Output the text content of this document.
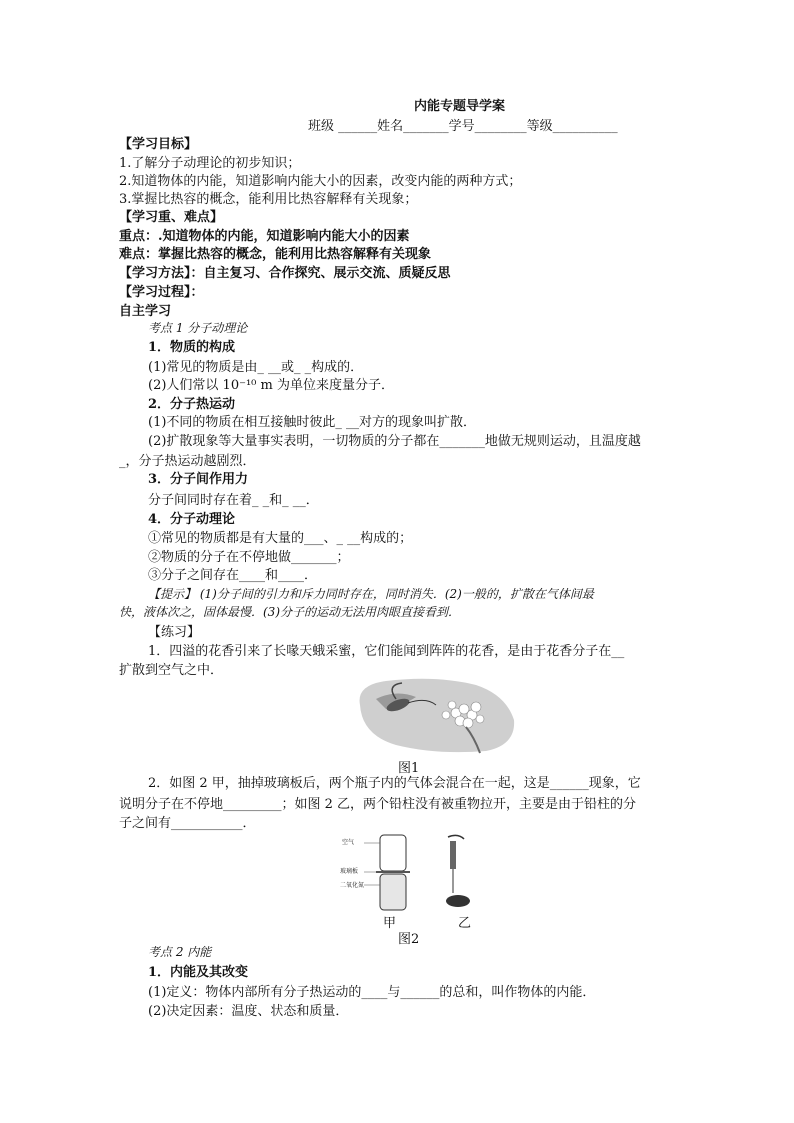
内能专题导学案
班级 ______姓名_______学号________等级__________
【学习目标】
1.了解分子动理论的初步知识；
2.知道物体的内能，知道影响内能大小的因素，改变内能的两种方式；
3.掌握比热容的概念，能利用比热容解释有关现象；
【学习重、难点】
重点：.知道物体的内能，知道影响内能大小的因素
难点：掌握比热容的概念，能利用比热容解释有关现象
【学习方法】：自主复习、合作探究、展示交流、质疑反思
【学习过程】：
自主学习
考点 1 分子动理论
1．物质的构成
(1)常见的物质是由_ __或_ _构成的．
(2)人们常以 10⁻¹⁰ m 为单位来度量分子．
2．分子热运动
(1)不同的物质在相互接触时彼此_ __对方的现象叫扩散．
(2)扩散现象等大量事实表明，一切物质的分子都在_______地做无规则运动，且温度越
_，分子热运动越剧烈．
3．分子间作用力
分子间同时存在着_ _和_ __．
4．分子动理论
①常见的物质都是有大量的___、_ __构成的；
②物质的分子在不停地做_______；
③分子之间存在____和____．
【提示】 (1)分子间的引力和斥力同时存在，同时消失．(2)一般的，扩散在气体间最
快，液体次之，固体最慢．(3)分子的运动无法用肉眼直接看到．
【练习】
1．四溢的花香引来了长喙天蛾采蜜，它们能闻到阵阵的花香，是由于花香分子在__
扩散到空气之中．
图1
2．如图 2 甲，抽掉玻璃板后，两个瓶子内的气体会混合在一起，这是______现象，它
说明分子在不停地_________；如图 2 乙，两个铅柱没有被重物拉开，主要是由于铅柱的分
子之间有___________．
空气
玻璃板
二氧化氮
甲	乙
图2
考点 2 内能
1．内能及其改变
(1)定义：物体内部所有分子热运动的____与______的总和，叫作物体的内能．
(2)决定因素：温度、状态和质量．
